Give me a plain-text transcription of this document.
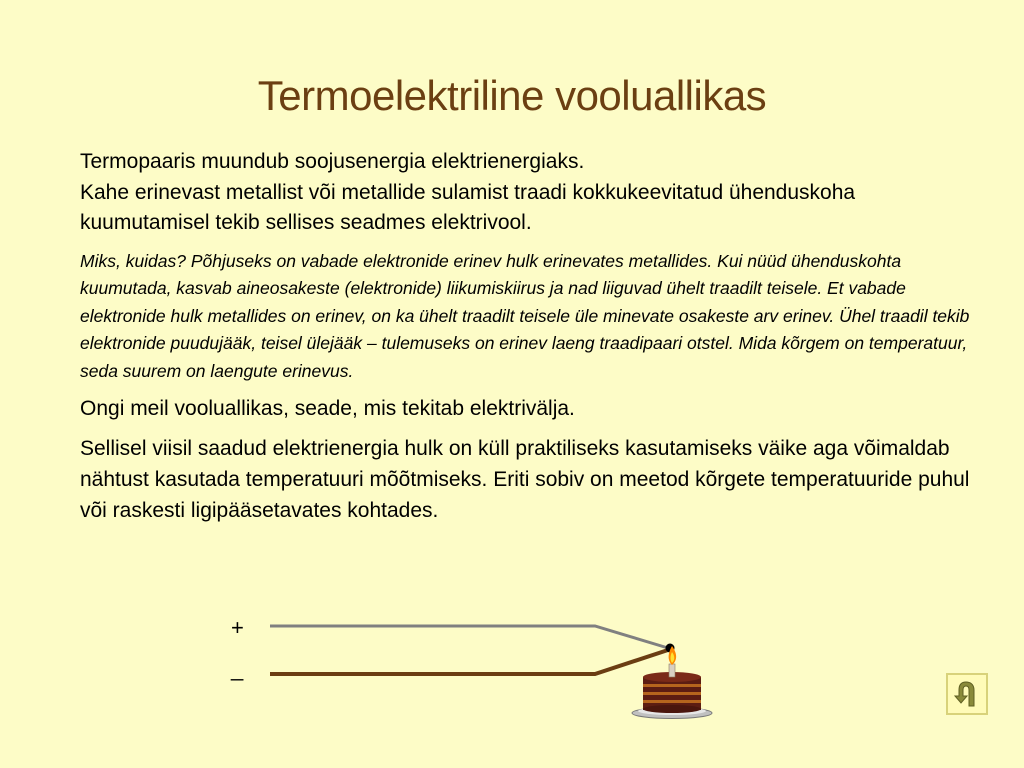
Termoelektriline vooluallikas

Termopaaris muundub soojusenergia elektrienergiaks.
Kahe erinevast metallist või metallide sulamist traadi kokkukeevitatud ühenduskoha kuumutamisel tekib sellises seadmes elektrivool.

Miks, kuidas? Põhjuseks on vabade elektronide erinev hulk erinevates metallides. Kui nüüd ühenduskohta kuumutada, kasvab aineosakeste (elektronide) liikumiskiirus ja nad liiguvad ühelt traadilt teisele. Et vabade elektronide hulk metallides on erinev, on ka ühelt traadilt teisele üle minevate osakeste arv erinev. Ühel traadil tekib elektronide puudujääk, teisel ülejääk – tulemuseks on erinev laeng traadipaari otstel. Mida kõrgem on temperatuur, seda suurem on laengute erinevus.

Ongi meil vooluallikas, seade, mis tekitab elektrivälja.

Sellisel viisil saadud elektrienergia hulk on küll praktiliseks kasutamiseks väike aga võimaldab nähtust kasutada temperatuuri mõõtmiseks. Eriti sobiv on meetod kõrgete temperatuuride puhul või raskesti ligipääsetavates kohtades.

+
_
